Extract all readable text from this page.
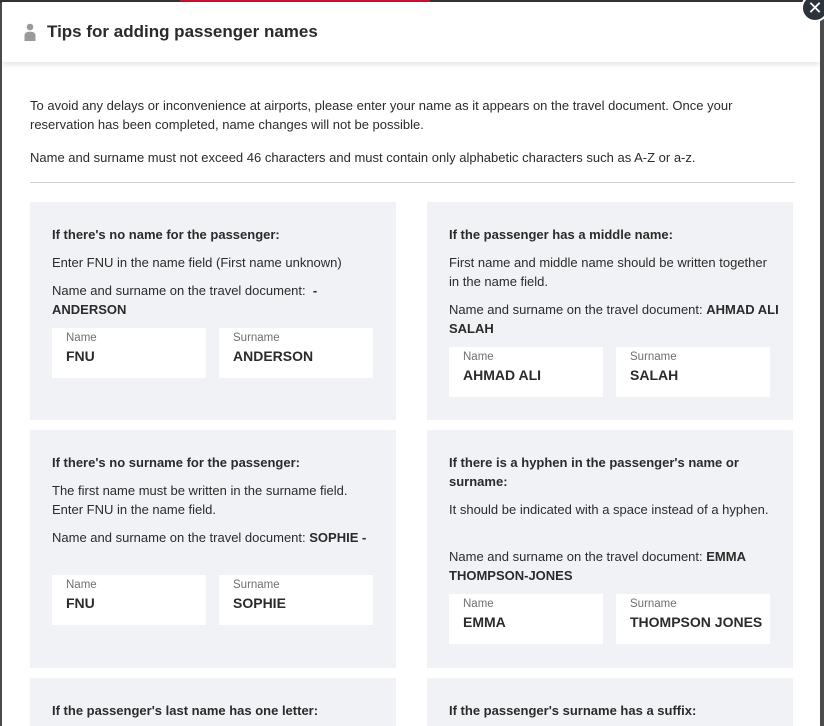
Tips for adding passenger names

To avoid any delays or inconvenience at airports, please enter your name as it appears on the travel document. Once your reservation has been completed, name changes will not be possible.

Name and surname must not exceed 46 characters and must contain only alphabetic characters such as A-Z or a-z.

If there's no name for the passenger:

Enter FNU in the name field (First name unknown)

Name and surname on the travel document: - ANDERSON

Name
FNU
Surname
ANDERSON

If the passenger has a middle name:

First name and middle name should be written together in the name field.

Name and surname on the travel document: AHMAD ALI SALAH

Name
AHMAD ALI
Surname
SALAH

If there's no surname for the passenger:

The first name must be written in the surname field. Enter FNU in the name field.

Name and surname on the travel document: SOPHIE -

Name
FNU
Surname
SOPHIE

If there is a hyphen in the passenger's name or surname:

It should be indicated with a space instead of a hyphen.

Name and surname on the travel document: EMMA THOMPSON-JONES

Name
EMMA
Surname
THOMPSON JONES

If the passenger's last name has one letter:	If the passenger's surname has a suffix:

✕
